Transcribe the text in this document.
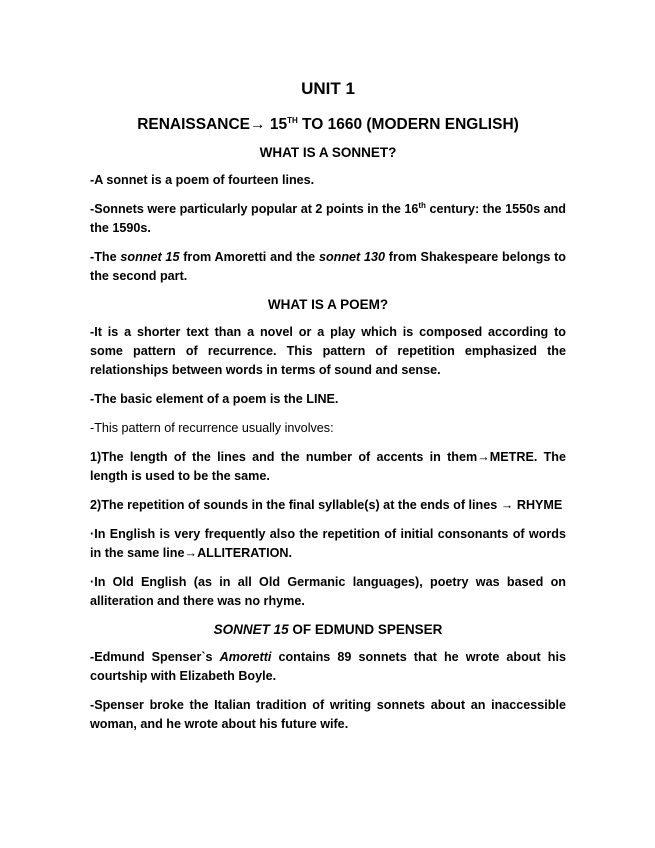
UNIT 1
RENAISSANCE→ 15TH TO 1660 (MODERN ENGLISH)
WHAT IS A SONNET?

-A sonnet is a poem of fourteen lines.

-Sonnets were particularly popular at 2 points in the 16th century: the 1550s and the 1590s.

-The sonnet 15 from Amoretti and the sonnet 130 from Shakespeare belongs to the second part.

WHAT IS A POEM?

-It is a shorter text than a novel or a play which is composed according to some pattern of recurrence. This pattern of repetition emphasized the relationships between words in terms of sound and sense.

-The basic element of a poem is the LINE.

-This pattern of recurrence usually involves:

1)The length of the lines and the number of accents in them→METRE. The length is used to be the same.

2)The repetition of sounds in the final syllable(s) at the ends of lines → RHYME

·In English is very frequently also the repetition of initial consonants of words in the same line→ALLITERATION.

·In Old English (as in all Old Germanic languages), poetry was based on alliteration and there was no rhyme.

SONNET 15 OF EDMUND SPENSER

-Edmund Spenser`s Amoretti contains 89 sonnets that he wrote about his courtship with Elizabeth Boyle.

-Spenser broke the Italian tradition of writing sonnets about an inaccessible woman, and he wrote about his future wife.
